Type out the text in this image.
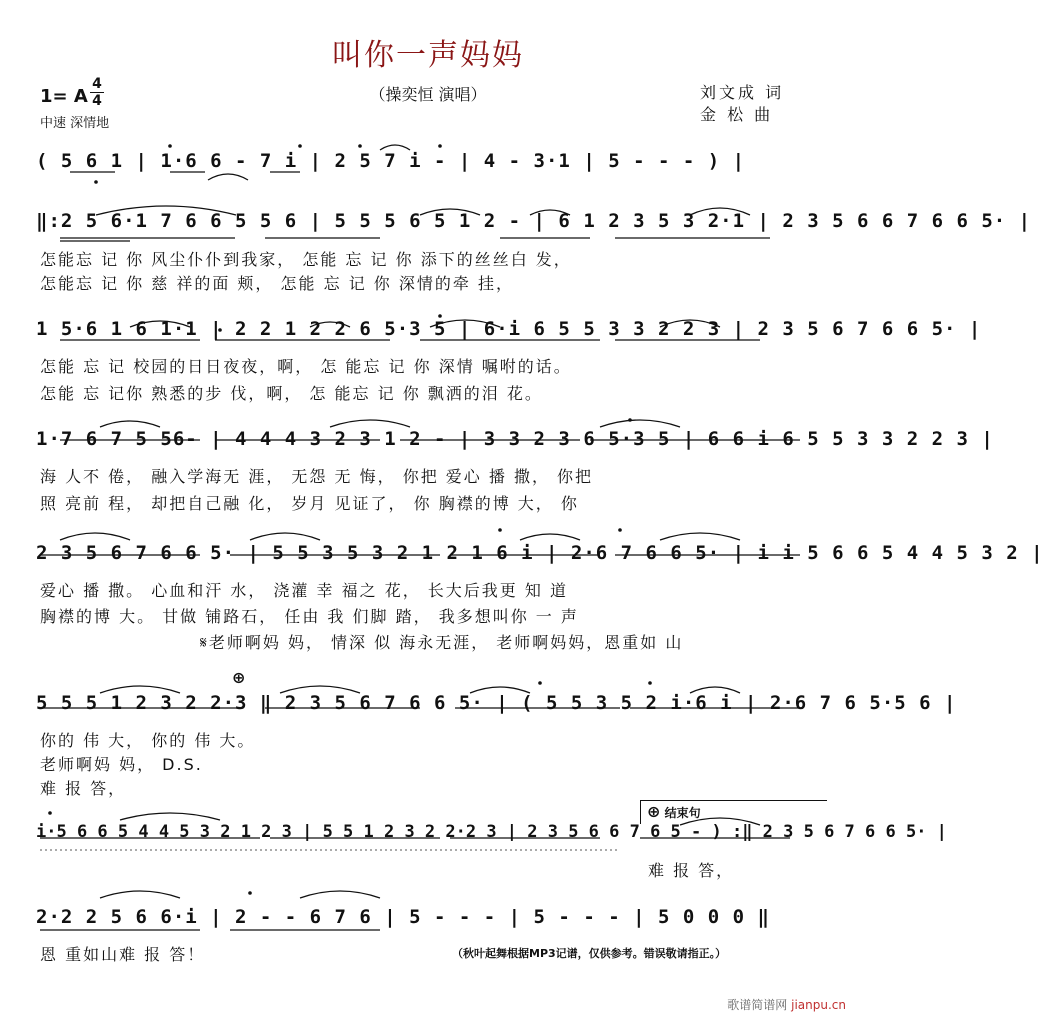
叫你一声妈妈
（操奕恒 演唱）
1= A
4
4
中速 深情地
刘文成 词
金 松 曲
( 5 6 1 | 1·6 6 - 7 i | 2 5 7 i - | 4 - 3·1 | 5 - - - ) |
‖:2 5 6·1 7 6 6 5 5 6 | 5 5 5 6 5 1 2 - | 6 1 2 3 5 3 2·1 | 2 3 5 6 6 7 6 6 5· |
怎能忘 记 你 风尘仆仆到我家， 怎能 忘 记 你 添下的丝丝白 发，
怎能忘 记 你 慈 祥的面 颊， 怎能 忘 记 你 深情的牵 挂，
1 5·6 1 6 1·1 | 2 2 1 2 2 6 5·3 5 | 6·i 6 5 5 3 3 2 2 3 | 2 3 5 6 7 6 6 5· |
怎能 忘 记 校园的日日夜夜，啊， 怎 能忘 记 你 深情 嘱咐的话。
怎能 忘 记你 熟悉的步 伐，啊， 怎 能忘 记 你 飘洒的泪 花。
1·7 6 7 5 56- | 4 4 4 3 2 3 1 2 - | 3 3 2 3 6 5·3 5 | 6 6 i 6 5 5 3 3 2 2 3 |
海 人不 倦， 融入学海无 涯， 无怨 无 悔， 你把 爱心 播 撒， 你把
照 亮前 程， 却把自己融 化， 岁月 见证了， 你 胸襟的博 大， 你
2 3 5 6 7 6 6 5· | 5 5 3 5 3 2 1 2 1 6 i | 2·6 7 6 6 5· | i i 5 6 6 5 4 4 5 3 2 |
爱心 播 撒。 心血和汗 水， 浇灌 幸 福之 花， 长大后我更 知 道
胸襟的博 大。 甘做 铺路石， 任由 我 们脚 踏， 我多想叫你 一 声
𝄋老师啊妈 妈， 情深 似 海永无涯， 老师啊妈妈，恩重如 山
⊕
5 5 5 1 2 3 2 2·3 ‖ 2 3 5 6 7 6 6 5· | ( 5 5 3 5 2 i·6 i | 2·6 7 6 5·5 6 |
你的 伟 大， 你的 伟 大。
老师啊妈 妈， D.S.
难 报 答，
⊕ 结束句
i·5 6 6 5 4 4 5 3 2 1 2 3 | 5 5 1 2 3 2 2·2 3 | 2 3 5 6 6 7 6 5 - ) :‖ 2 3 5 6 7 6 6 5· |
难 报 答，
2·2 2 5 6 6·i | 2 - - 6 7 6 | 5 - - - | 5 - - - | 5 0 0 0 ‖
恩 重如山难 报 答！	（秋叶起舞根据MP3记谱，仅供参考。错误敬请指正。）
歌谱简谱网 jianpu.cn
